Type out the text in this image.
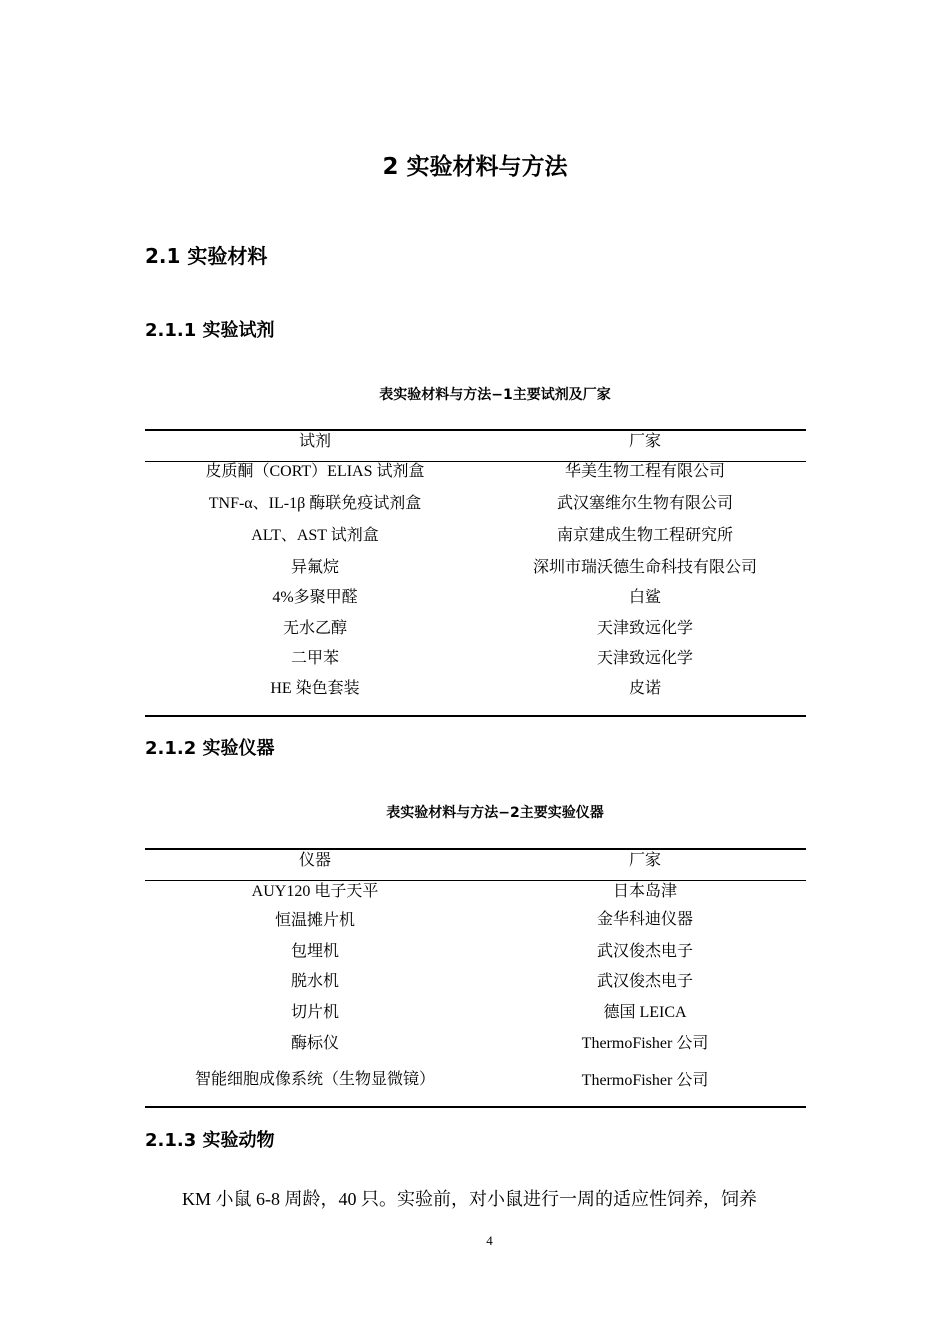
2 实验材料与方法
2.1 实验材料
2.1.1 实验试剂
表实验材料与方法−1主要试剂及厂家
试剂	厂家
皮质酮（CORT）ELIAS 试剂盒	华美生物工程有限公司
TNF-α、IL-1β 酶联免疫试剂盒	武汉塞维尔生物有限公司
ALT、AST 试剂盒	南京建成生物工程研究所
异氟烷	深圳市瑞沃德生命科技有限公司
4%多聚甲醛	白鲨
无水乙醇	天津致远化学
二甲苯	天津致远化学
HE 染色套装	皮诺
2.1.2 实验仪器
表实验材料与方法−2主要实验仪器
仪器	厂家
AUY120 电子天平	日本岛津
恒温摊片机	金华科迪仪器
包埋机	武汉俊杰电子
脱水机	武汉俊杰电子
切片机	德国 LEICA
酶标仪	ThermoFisher 公司
智能细胞成像系统（生物显微镜）	ThermoFisher 公司
2.1.3 实验动物
KM 小鼠 6-8 周龄，40 只。实验前，对小鼠进行一周的适应性饲养，饲养
4
